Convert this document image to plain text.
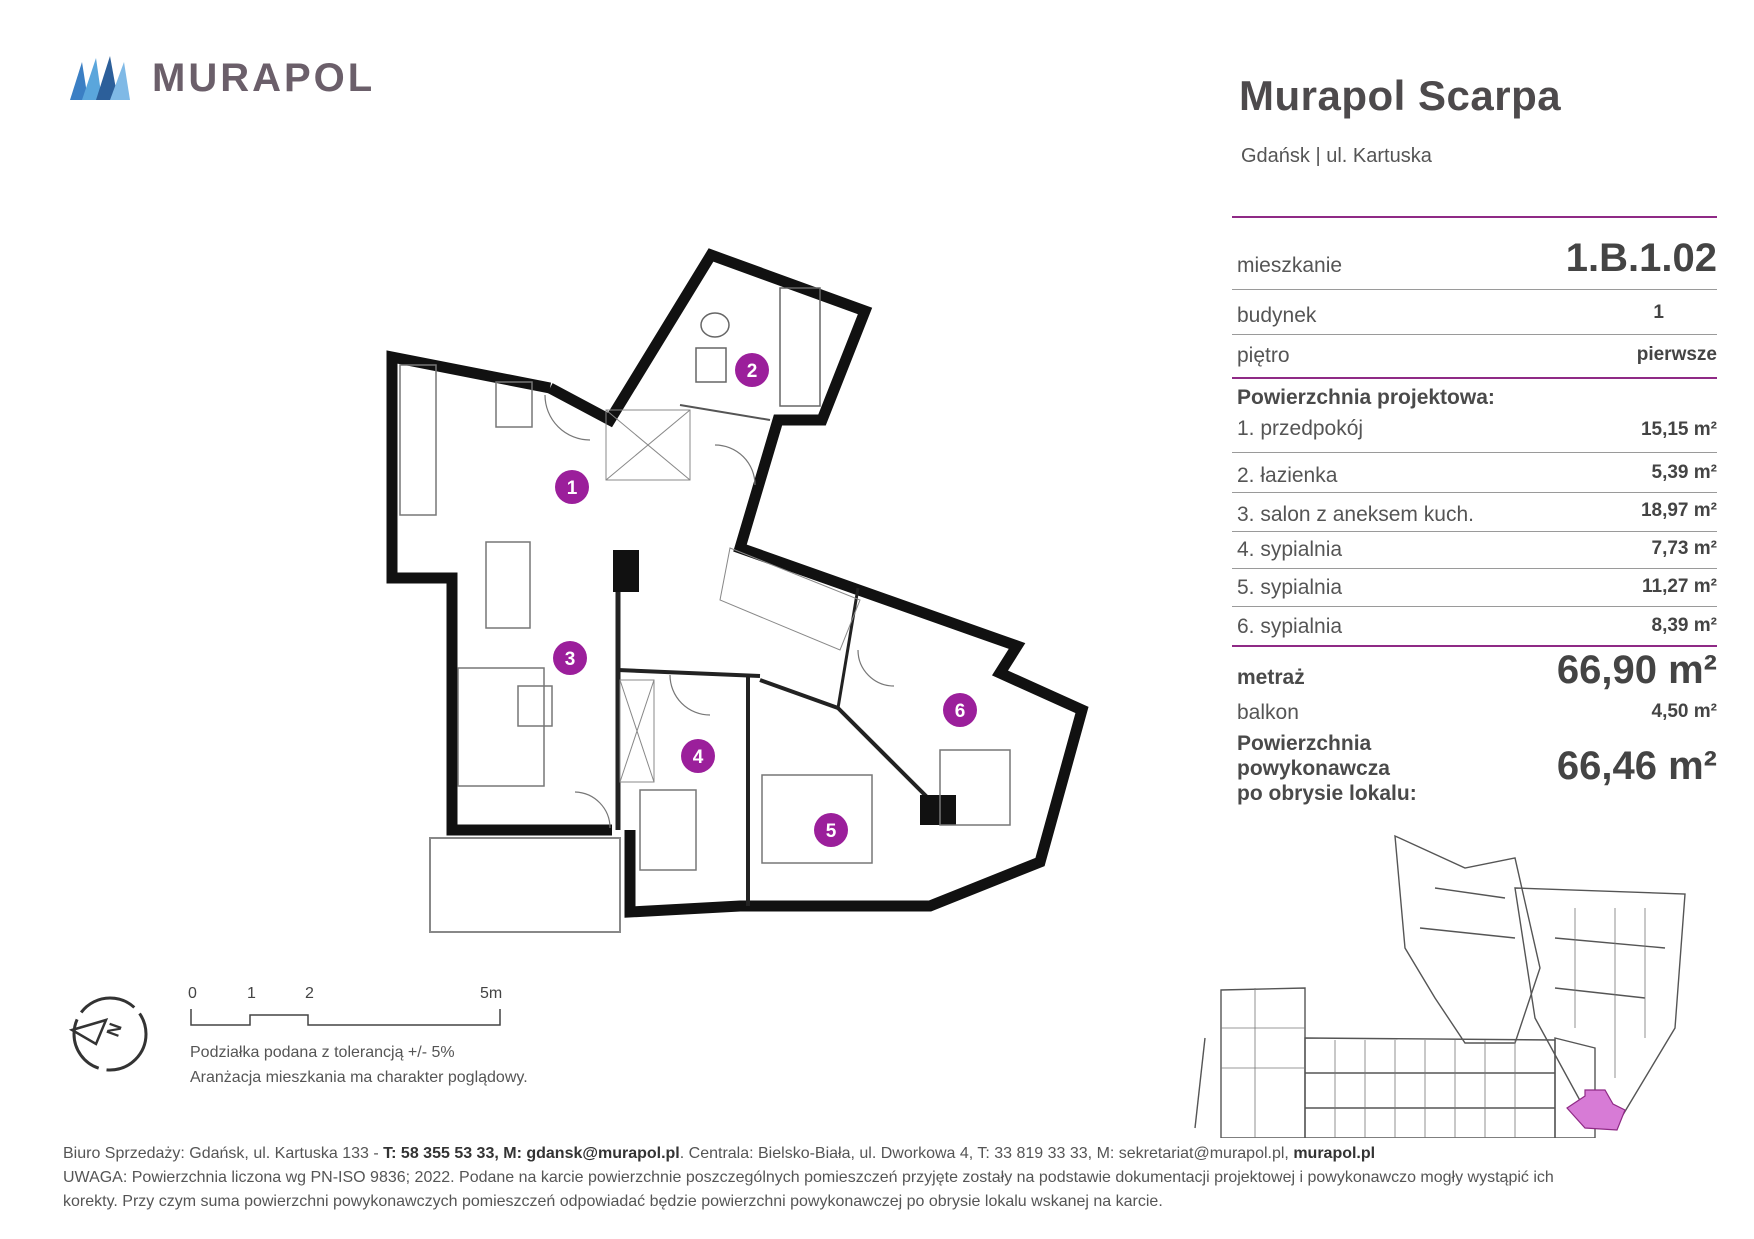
MURAPOL	Murapol Scarpa
Gdańsk | ul. Kartuska
mieszkanie	1.B.1.02
budynek	1
piętro	pierwsze
Powierzchnia projektowa:
1. przedpokój	15,15 m²
2. łazienka	5,39 m²
3. salon z aneksem kuch.	18,97 m²
4. sypialnia	7,73 m²
5. sypialnia	11,27 m²
6. sypialnia	8,39 m²
metraż	66,90 m²
balkon	4,50 m²
Powierzchnia
powykonawcza
po obrysie lokalu:
66,46 m²
1
2
3
4
5
6
N
0	1	2	5m
Podziałka podana z tolerancją +/- 5%
Aranżacja mieszkania ma charakter poglądowy.
Biuro Sprzedaży: Gdańsk, ul. Kartuska 133 - T: 58 355 53 33, M: gdansk@murapol.pl. Centrala: Bielsko-Biała, ul. Dworkowa 4, T: 33 819 33 33, M: sekretariat@murapol.pl, murapol.pl
UWAGA: Powierzchnia liczona wg PN-ISO 9836; 2022. Podane na karcie powierzchnie poszczególnych pomieszczeń przyjęte zostały na podstawie dokumentacji projektowej i powykonawczo mogły wystąpić ich
korekty. Przy czym suma powierzchni powykonawczych pomieszczeń odpowiadać będzie powierzchni powykonawczej po obrysie lokalu wskanej na karcie.
